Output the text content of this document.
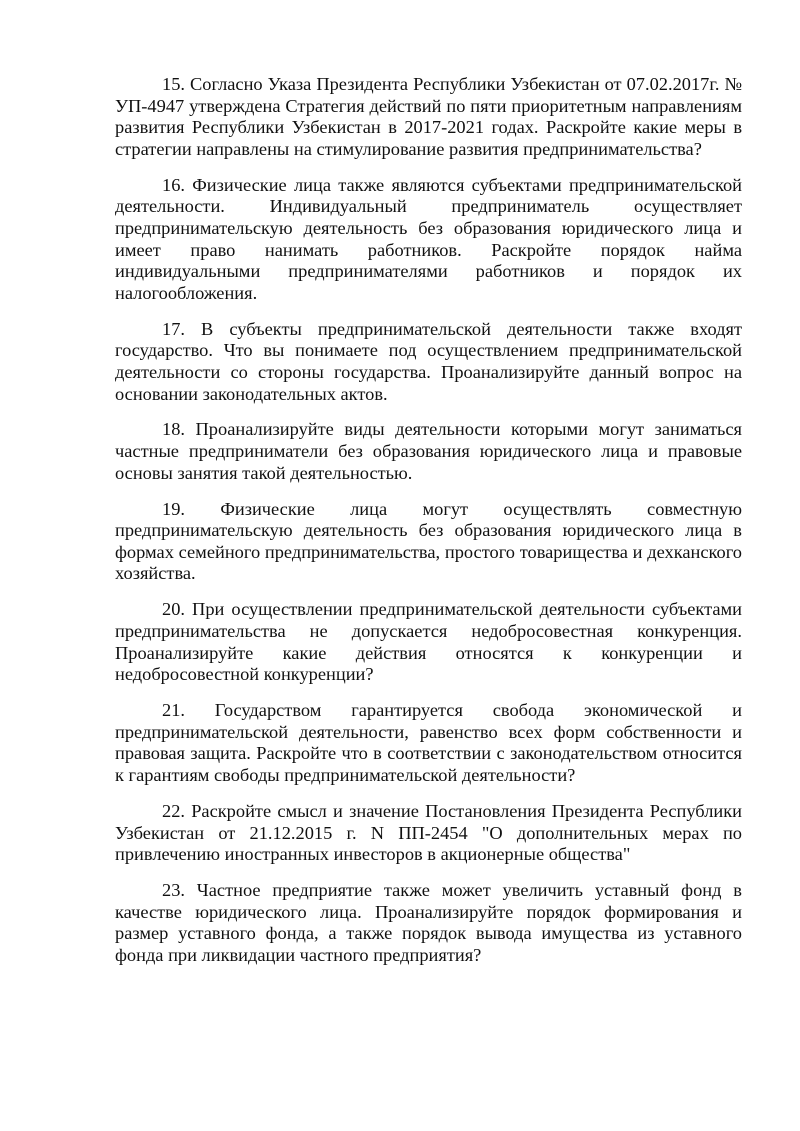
15. Согласно Указа Президента Республики Узбекистан от 07.02.2017г. № УП-4947 утверждена Стратегия действий по пяти приоритетным направлениям развития Республики Узбекистан в 2017-2021 годах. Раскройте какие меры в стратегии направлены на стимулирование развития предпринимательства?

16. Физические лица также являются субъектами предпринимательской деятельности. Индивидуальный предприниматель осуществляет предпринимательскую деятельность без образования юридического лица и имеет право нанимать работников. Раскройте порядок найма индивидуальными предпринимателями работников и порядок их налогообложения.

17. В субъекты предпринимательской деятельности также входят государство. Что вы понимаете под осуществлением предпринимательской деятельности со стороны государства. Проанализируйте данный вопрос на основании законодательных актов.

18. Проанализируйте виды деятельности которыми могут заниматься частные предприниматели без образования юридического лица и правовые основы занятия такой деятельностью.

19. Физические лица могут осуществлять совместную предпринимательскую деятельность без образования юридического лица в формах семейного предпринимательства, простого товарищества и дехканского хозяйства.

20. При осуществлении предпринимательской деятельности субъектами предпринимательства не допускается недобросовестная конкуренция. Проанализируйте какие действия относятся к конкуренции и недобросовестной конкуренции?

21. Государством гарантируется свобода экономической и предпринимательской деятельности, равенство всех форм собственности и правовая защита. Раскройте что в соответствии с законодательством относится к гарантиям свободы предпринимательской деятельности?

22. Раскройте смысл и значение Постановления Президента Республики Узбекистан от 21.12.2015 г. N ПП-2454 "О дополнительных мерах по привлечению иностранных инвесторов в акционерные общества"

23. Частное предприятие также может увеличить уставный фонд в качестве юридического лица. Проанализируйте порядок формирования и размер уставного фонда, а также порядок вывода имущества из уставного фонда при ликвидации частного предприятия?
